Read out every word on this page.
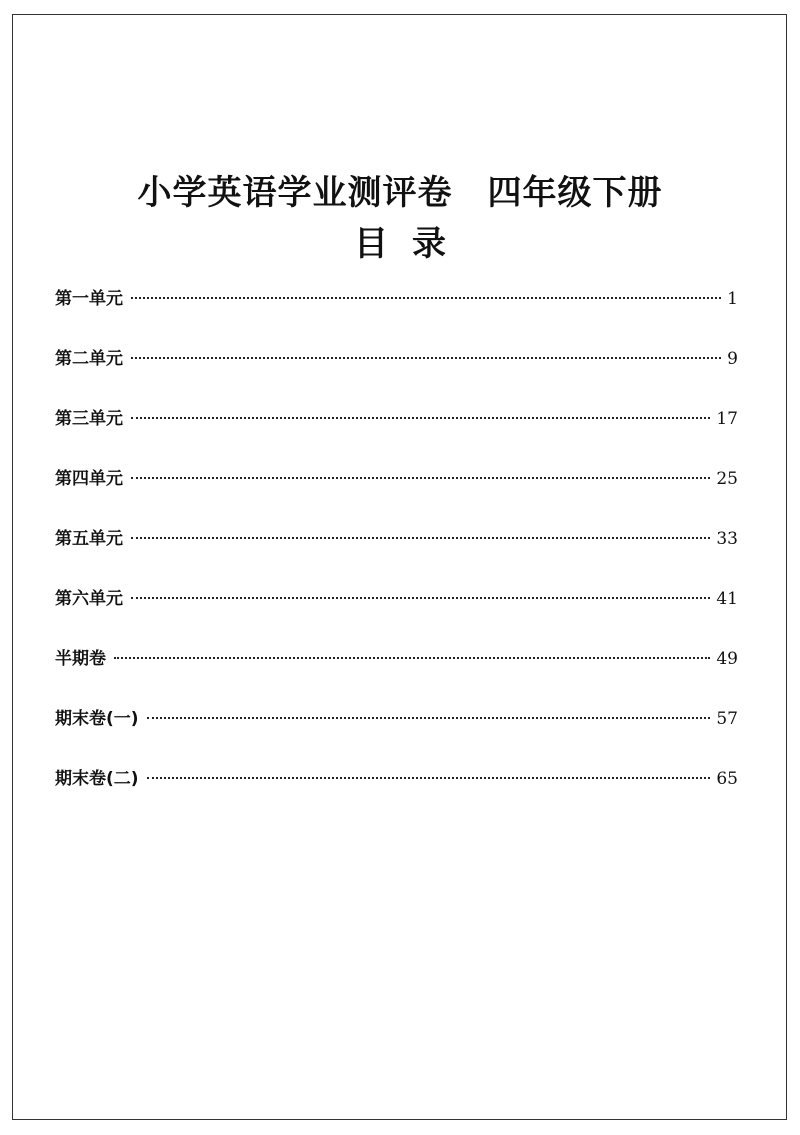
小学英语学业测评卷　四年级下册
目录
第一单元	1
第二单元	9
第三单元	17
第四单元	25
第五单元	33
第六单元	41
半期卷	49
期末卷(一)	57
期末卷(二)	65
